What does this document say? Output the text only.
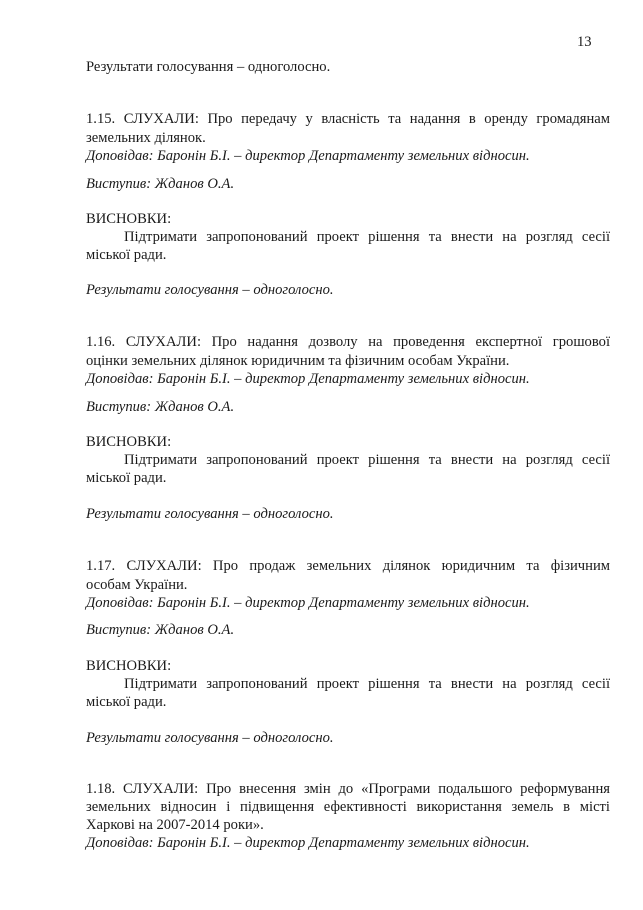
13
Результати голосування – одноголосно.
1.15. СЛУХАЛИ: Про передачу у власність та надання в оренду громадянам
земельних ділянок.
Доповідав: Баронін Б.І. – директор Департаменту земельних відносин.
Виступив: Жданов О.А.
ВИСНОВКИ:
Підтримати запропонований проект рішення та внести на розгляд сесії
міської ради.
Результати голосування – одноголосно.
1.16. СЛУХАЛИ: Про надання дозволу на проведення експертної грошової
оцінки земельних ділянок юридичним та фізичним особам України.
Доповідав: Баронін Б.І. – директор Департаменту земельних відносин.
Виступив: Жданов О.А.
ВИСНОВКИ:
Підтримати запропонований проект рішення та внести на розгляд сесії
міської ради.
Результати голосування – одноголосно.
1.17. СЛУХАЛИ: Про продаж земельних ділянок юридичним та фізичним
особам України.
Доповідав: Баронін Б.І. – директор Департаменту земельних відносин.
Виступив: Жданов О.А.
ВИСНОВКИ:
Підтримати запропонований проект рішення та внести на розгляд сесії
міської ради.
Результати голосування – одноголосно.
1.18. СЛУХАЛИ: Про внесення змін до «Програми подальшого реформування
земельних відносин і підвищення ефективності використання земель в місті
Харкові на 2007-2014 роки».
Доповідав: Баронін Б.І. – директор Департаменту земельних відносин.
